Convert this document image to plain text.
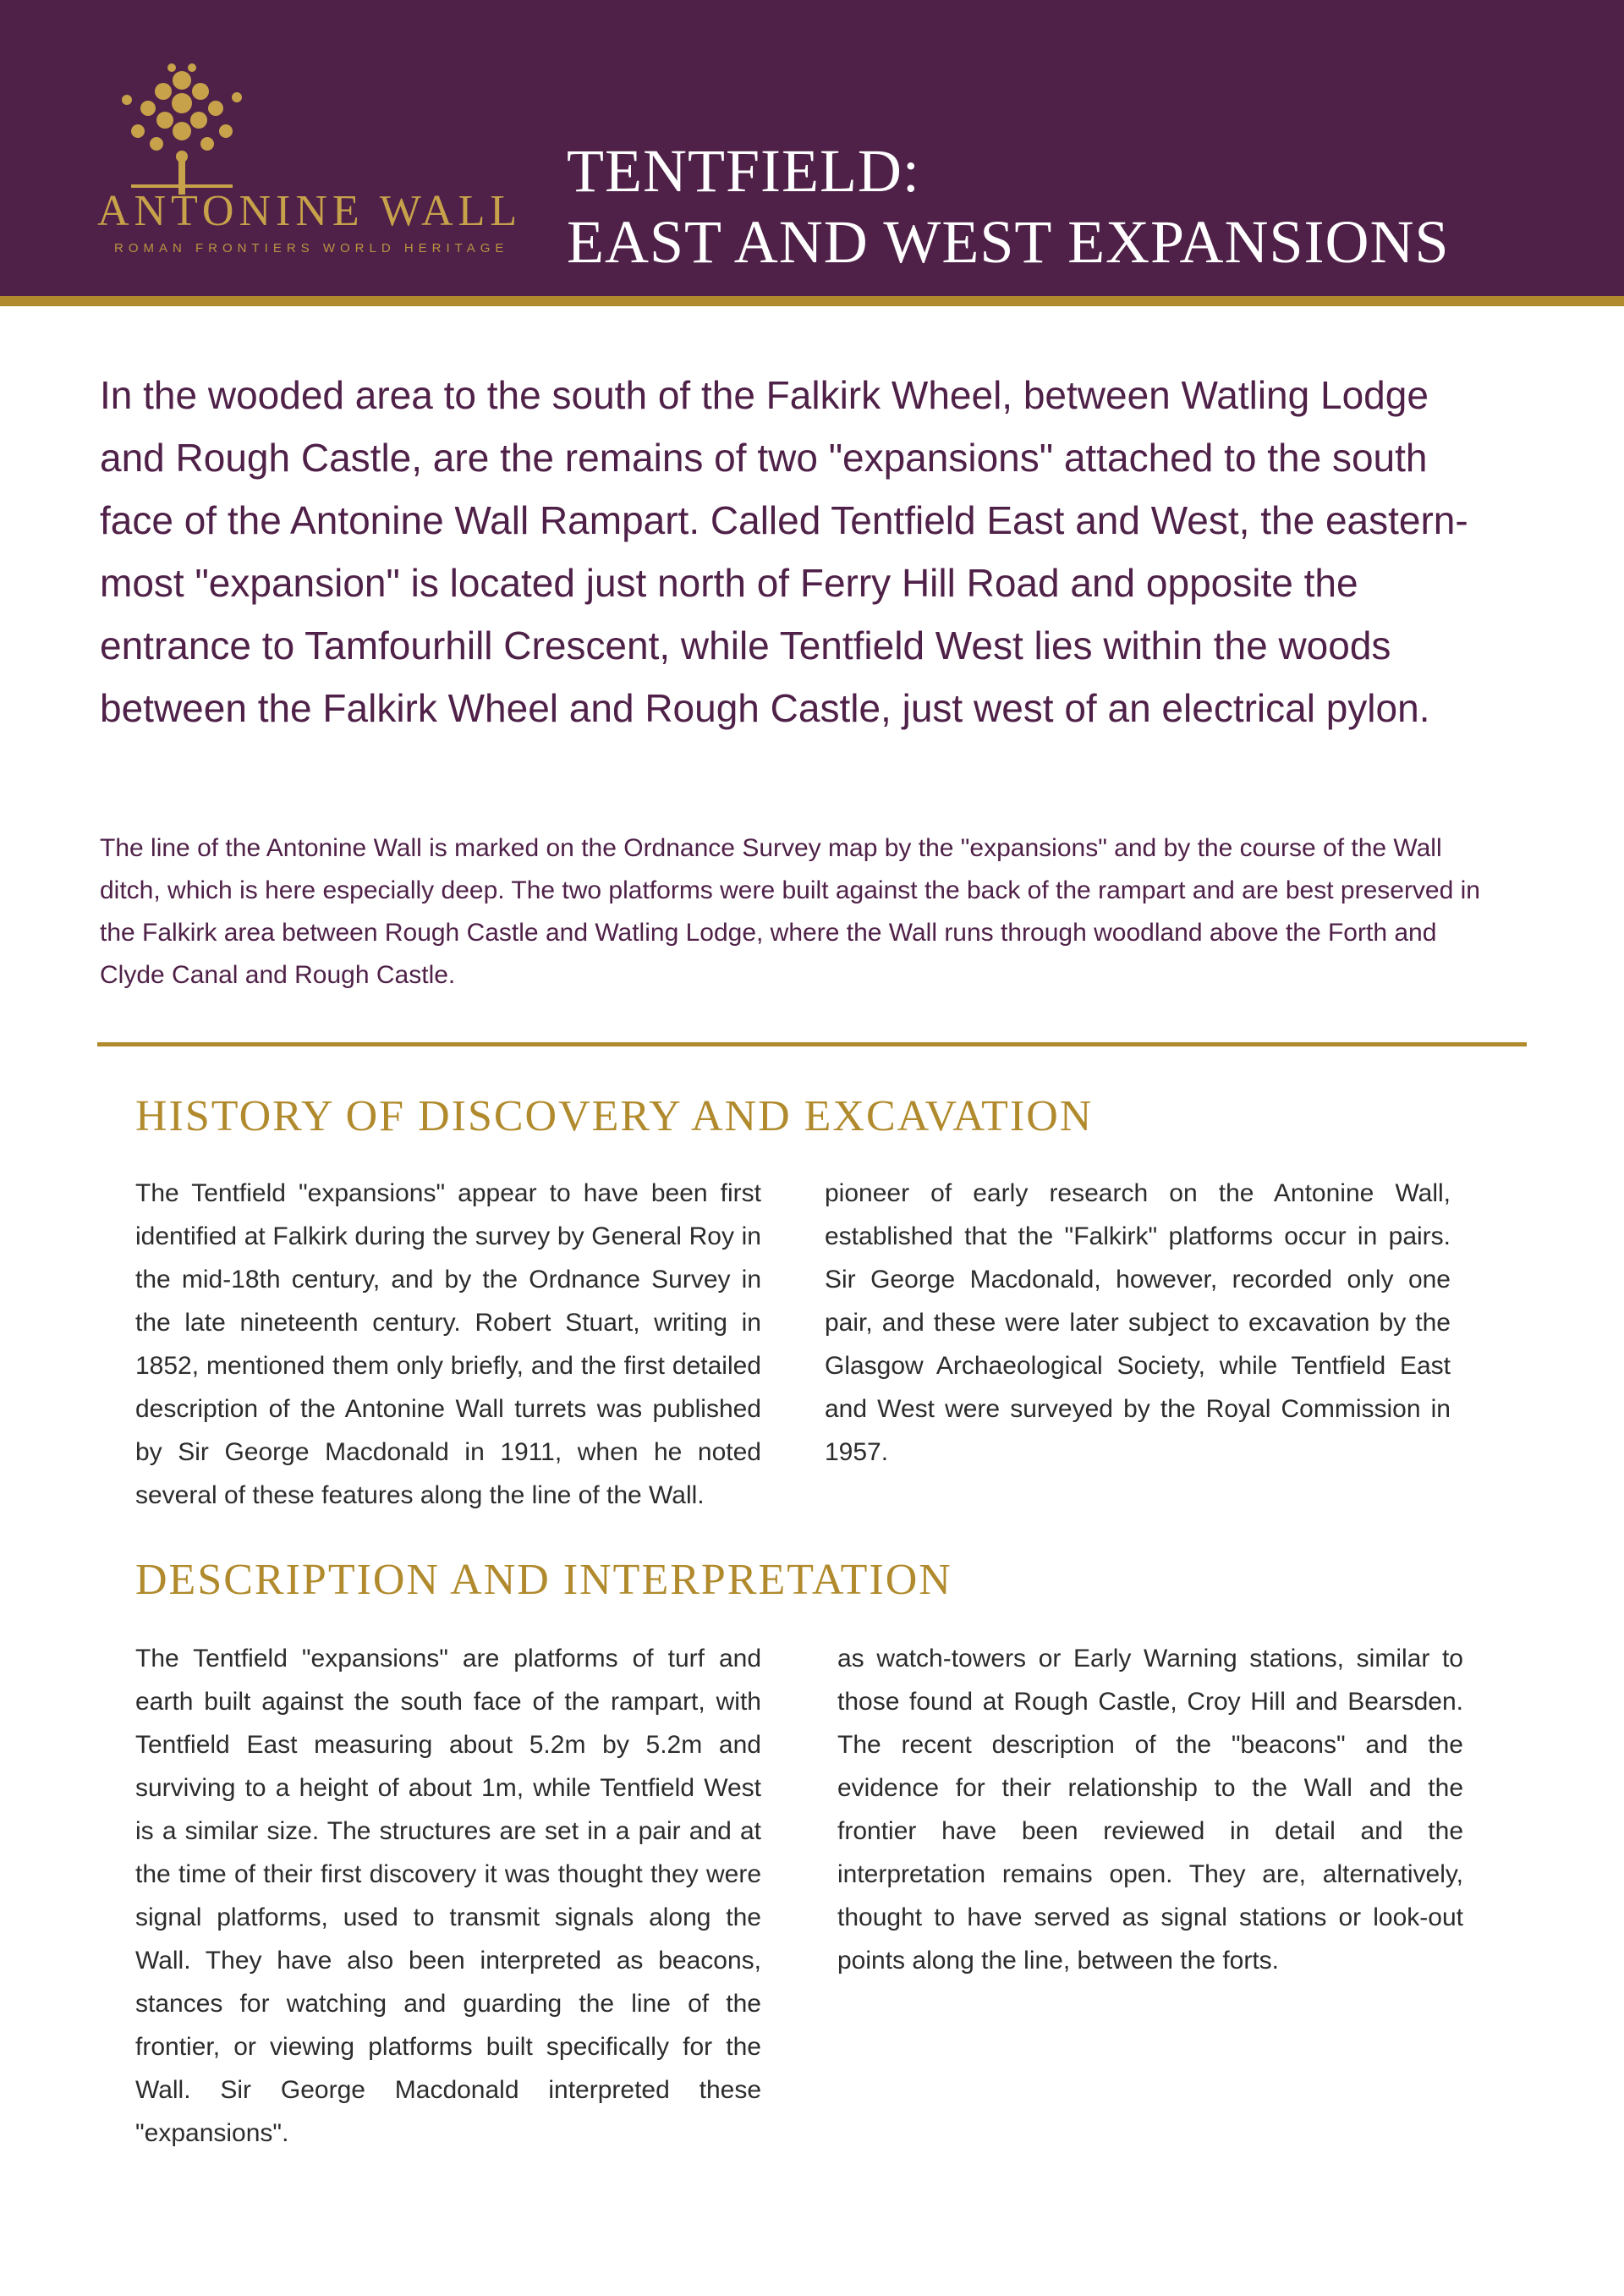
ANTONINE WALL
ROMAN FRONTIERS WORLD HERITAGE
TENTFIELD:
EAST AND WEST EXPANSIONS
In the wooded area to the south of the Falkirk Wheel, between Watling Lodge and Rough Castle, are the remains of two "expansions" attached to the south face of the Antonine Wall Rampart. Called Tentfield East and West, the eastern-most "expansion" is located just north of Ferry Hill Road and opposite the entrance to Tamfourhill Crescent, while Tentfield West lies within the woods between the Falkirk Wheel and Rough Castle, just west of an electrical pylon.
The line of the Antonine Wall is marked on the Ordnance Survey map by the "expansions" and by the course of the Wall ditch, which is here especially deep. The two platforms were built against the back of the rampart and are best preserved in the Falkirk area between Rough Castle and Watling Lodge, where the Wall runs through woodland above the Forth and Clyde Canal and Rough Castle.
HISTORY OF DISCOVERY AND EXCAVATION
The Tentfield "expansions" appear to have been first identified at Falkirk during the survey by General Roy in the mid-18th century, and by the Ordnance Survey in the late nineteenth century. Robert Stuart, writing in 1852, mentioned them only briefly, and the first detailed description of the Antonine Wall turrets was published by Sir George Macdonald in 1911, when he noted several of these features along the line of the Wall.
pioneer of early research on the Antonine Wall, established that the "Falkirk" platforms occur in pairs. Sir George Macdonald, however, recorded only one pair, and these were later subject to excavation by the Glasgow Archaeological Society, while Tentfield East and West were surveyed by the Royal Commission in 1957.
DESCRIPTION AND INTERPRETATION
The Tentfield "expansions" are platforms of turf and earth built against the south face of the rampart, with Tentfield East measuring about 5.2m by 5.2m and surviving to a height of about 1m, while Tentfield West is a similar size. The structures are set in a pair and at the time of their first discovery it was thought they were signal platforms, used to transmit signals along the Wall. They have also been interpreted as beacons, stances for watching and guarding the line of the frontier, or viewing platforms built specifically for the Wall. Sir George Macdonald interpreted these "expansions".
as watch-towers or Early Warning stations, similar to those found at Rough Castle, Croy Hill and Bearsden. The recent description of the "beacons" and the evidence for their relationship to the Wall and the frontier have been reviewed in detail and the interpretation remains open. They are, alternatively, thought to have served as signal stations or look-out points along the line, between the forts.
